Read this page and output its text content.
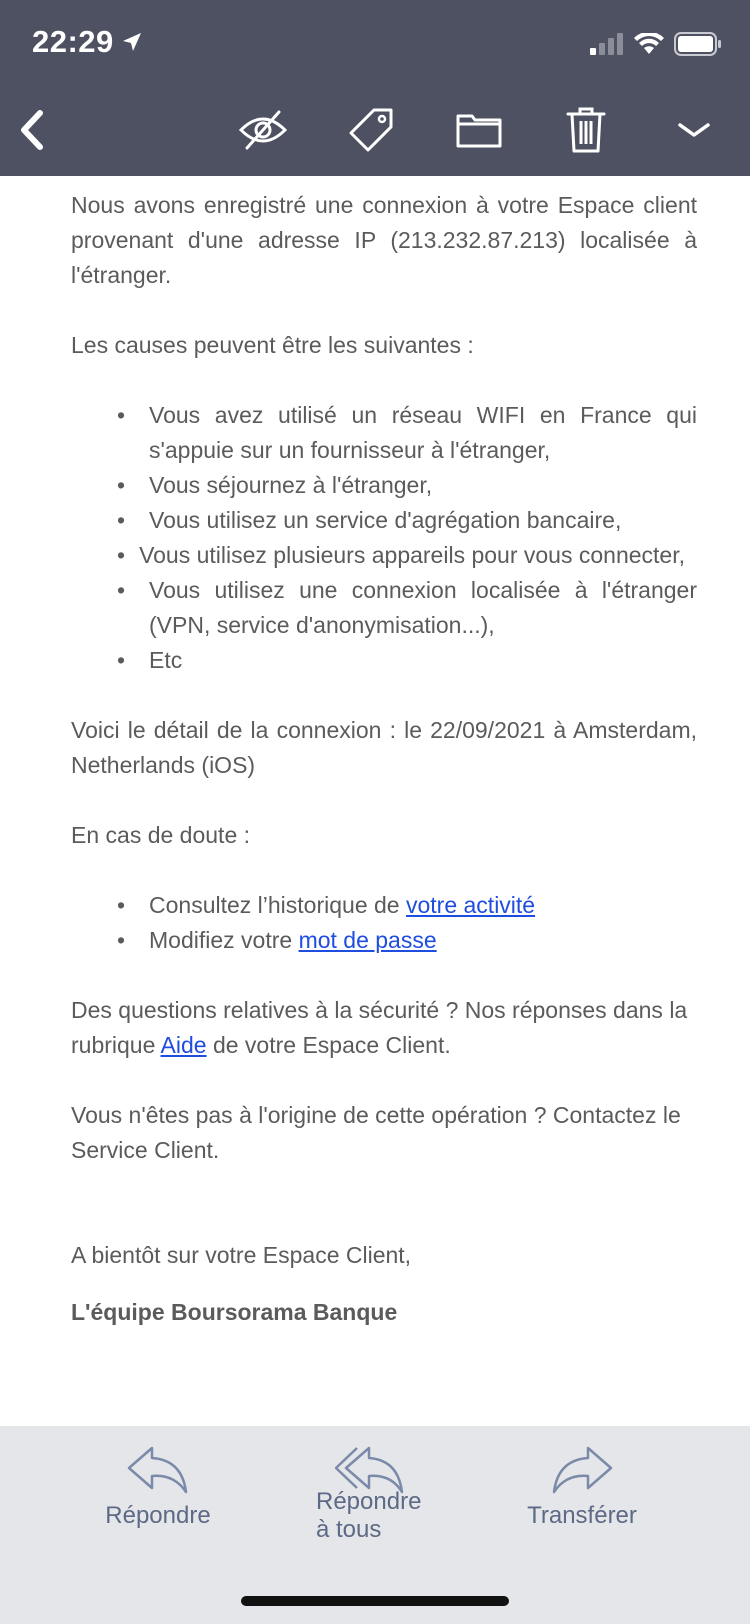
22:29

Nous avons enregistré une connexion à votre Espace client provenant d'une adresse IP (213.232.87.213) localisée à l'étranger.

Les causes peuvent être les suivantes :

• Vous avez utilisé un réseau WIFI en France qui s'appuie sur un fournisseur à l'étranger,
• Vous séjournez à l'étranger,
• Vous utilisez un service d'agrégation bancaire,
• Vous utilisez plusieurs appareils pour vous connecter,
• Vous utilisez une connexion localisée à l'étranger (VPN, service d'anonymisation...),
• Etc

Voici le détail de la connexion : le 22/09/2021 à Amsterdam, Netherlands (iOS)

En cas de doute :

• Consultez l’historique de votre activité
• Modifiez votre mot de passe

Des questions relatives à la sécurité ? Nos réponses dans la rubrique Aide de votre Espace Client.

Vous n'êtes pas à l'origine de cette opération ? Contactez le Service Client.

A bientôt sur votre Espace Client,

L'équipe Boursorama Banque

Répondre
Répondre
à tous
Transférer
